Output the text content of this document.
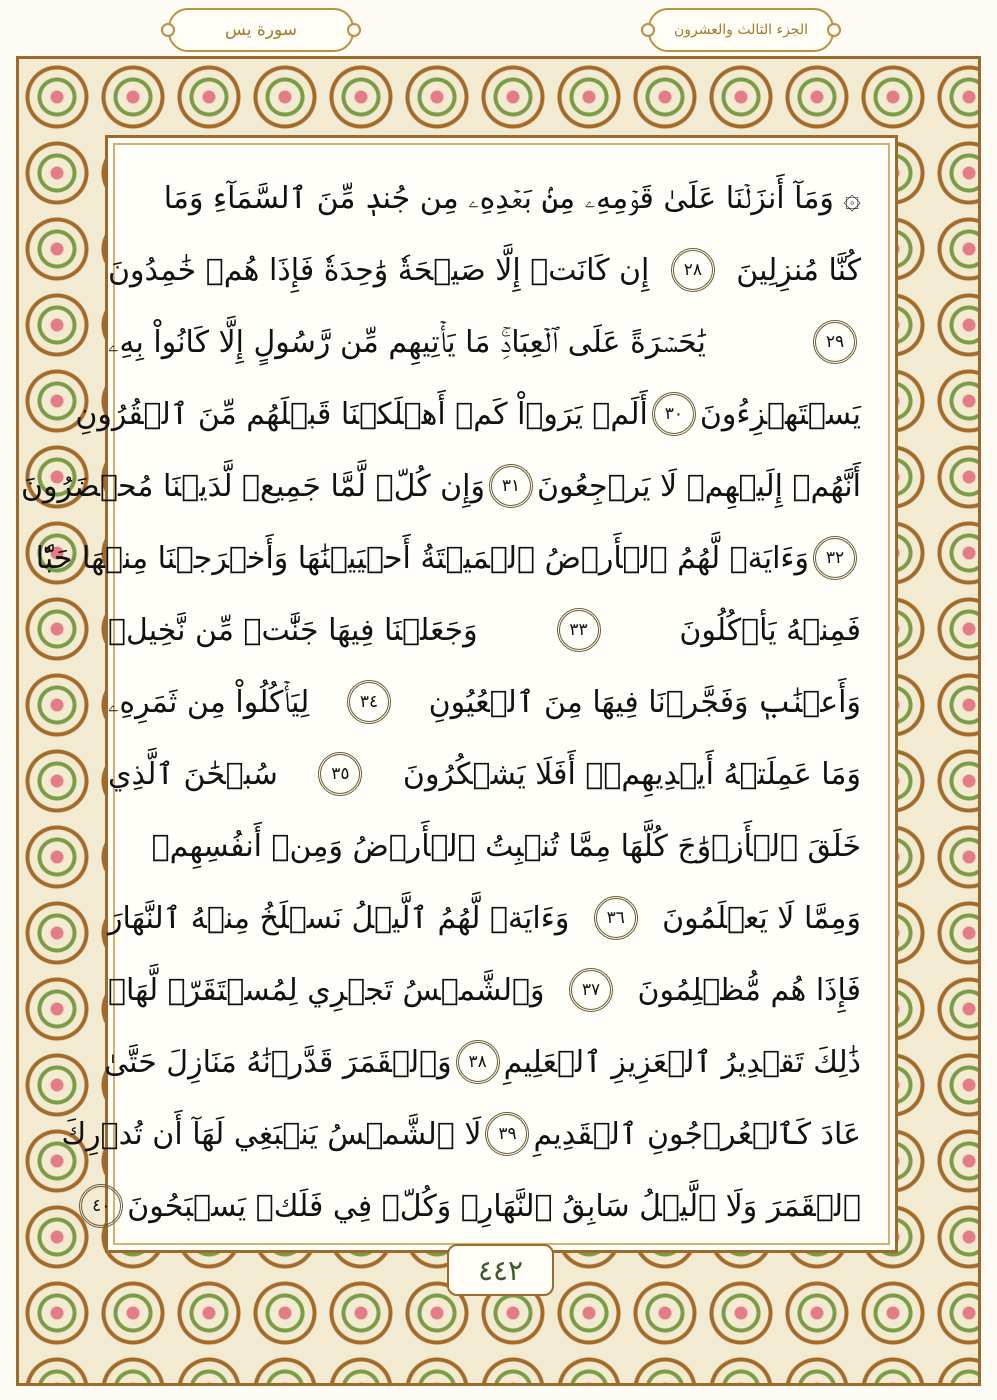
الجزء الثالث والعشرون
سورة يس
۞ وَمَآ أَنزَلۡنَا عَلَىٰ قَوۡمِهِۦ مِنۢ بَعۡدِهِۦ مِن جُندٖ مِّنَ ٱلسَّمَآءِ وَمَا
كُنَّا مُنزِلِينَ
٢٨
إِن كَانَتۡ إِلَّا صَيۡحَةٗ وَٰحِدَةٗ فَإِذَا هُمۡ خَٰمِدُونَ
٢٩
يَٰحَسۡرَةً عَلَى ٱلۡعِبَادِۚ مَا يَأۡتِيهِم مِّن رَّسُولٍ إِلَّا كَانُواْ بِهِۦ
يَسۡتَهۡزِءُونَ
٣٠
أَلَمۡ يَرَوۡاْ كَمۡ أَهۡلَكۡنَا قَبۡلَهُم مِّنَ ٱلۡقُرُونِ
أَنَّهُمۡ إِلَيۡهِمۡ لَا يَرۡجِعُونَ
٣١
وَإِن كُلّٞ لَّمَّا جَمِيعٞ لَّدَيۡنَا مُحۡضَرُونَ
٣٢
وَءَايَةٞ لَّهُمُ ٱلۡأَرۡضُ ٱلۡمَيۡتَةُ أَحۡيَيۡنَٰهَا وَأَخۡرَجۡنَا مِنۡهَا حَبّٗا
فَمِنۡهُ يَأۡكُلُونَ
٣٣
وَجَعَلۡنَا فِيهَا جَنَّٰتٖ مِّن نَّخِيلٖ
وَأَعۡنَٰبٖ وَفَجَّرۡنَا فِيهَا مِنَ ٱلۡعُيُونِ
٣٤
لِيَأۡكُلُواْ مِن ثَمَرِهِۦ
وَمَا عَمِلَتۡهُ أَيۡدِيهِمۡۚ أَفَلَا يَشۡكُرُونَ
٣٥
سُبۡحَٰنَ ٱلَّذِي
خَلَقَ ٱلۡأَزۡوَٰجَ كُلَّهَا مِمَّا تُنۢبِتُ ٱلۡأَرۡضُ وَمِنۡ أَنفُسِهِمۡ
وَمِمَّا لَا يَعۡلَمُونَ
٣٦
وَءَايَةٞ لَّهُمُ ٱلَّيۡلُ نَسۡلَخُ مِنۡهُ ٱلنَّهَارَ
فَإِذَا هُم مُّظۡلِمُونَ
٣٧
وَٱلشَّمۡسُ تَجۡرِي لِمُسۡتَقَرّٖ لَّهَاۚ
ذَٰلِكَ تَقۡدِيرُ ٱلۡعَزِيزِ ٱلۡعَلِيمِ
٣٨
وَٱلۡقَمَرَ قَدَّرۡنَٰهُ مَنَازِلَ حَتَّىٰ
عَادَ كَٱلۡعُرۡجُونِ ٱلۡقَدِيمِ
٣٩
لَا ٱلشَّمۡسُ يَنۢبَغِي لَهَآ أَن تُدۡرِكَ
ٱلۡقَمَرَ وَلَا ٱلَّيۡلُ سَابِقُ ٱلنَّهَارِۚ وَكُلّٞ فِي فَلَكٖ يَسۡبَحُونَ
٤٠
٤٤٢
